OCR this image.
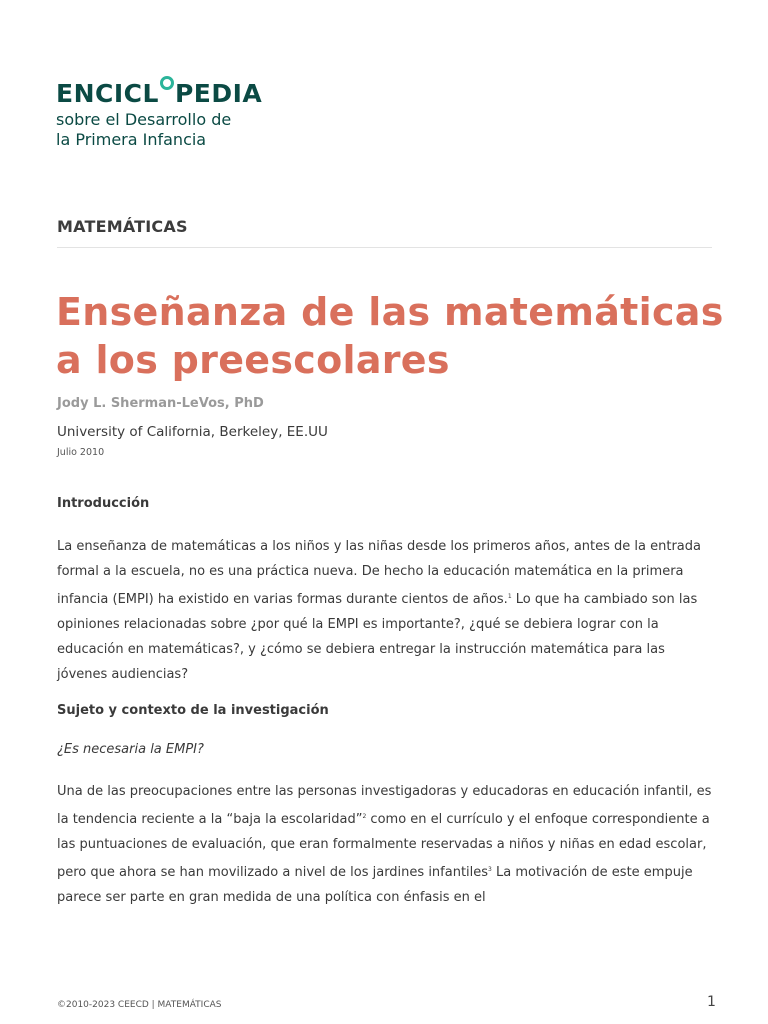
ENCICL PEDIA
sobre el Desarrollo de
la Primera Infancia
MATEMÁTICAS
Enseñanza de las matemáticas
a los preescolares
Jody L. Sherman-LeVos, PhD
University of California, Berkeley, EE.UU
Julio 2010
Introducción

La enseñanza de matemáticas a los niños y las niñas desde los primeros años, antes de la entrada formal a la escuela, no es una práctica nueva. De hecho la educación matemática en la primera infancia (EMPI) ha existido en varias formas durante cientos de años.$^1$ Lo que ha cambiado son las opiniones relacionadas sobre ¿por qué la EMPI es importante?, ¿qué se debiera lograr con la educación en matemáticas?, y ¿cómo se debiera entregar la instrucción matemática para las jóvenes audiencias?

Sujeto y contexto de la investigación

¿Es necesaria la EMPI?

Una de las preocupaciones entre las personas investigadoras y educadoras en educación infantil, es la tendencia reciente a la “baja la escolaridad”$^2$ como en el currículo y el enfoque correspondiente a las puntuaciones de evaluación, que eran formalmente reservadas a niños y niñas en edad escolar, pero que ahora se han movilizado a nivel de los jardines infantiles$^3$ La motivación de este empuje parece ser parte en gran medida de una política con énfasis en el

©2010-2023 CEECD | MATEMÁTICAS	1
